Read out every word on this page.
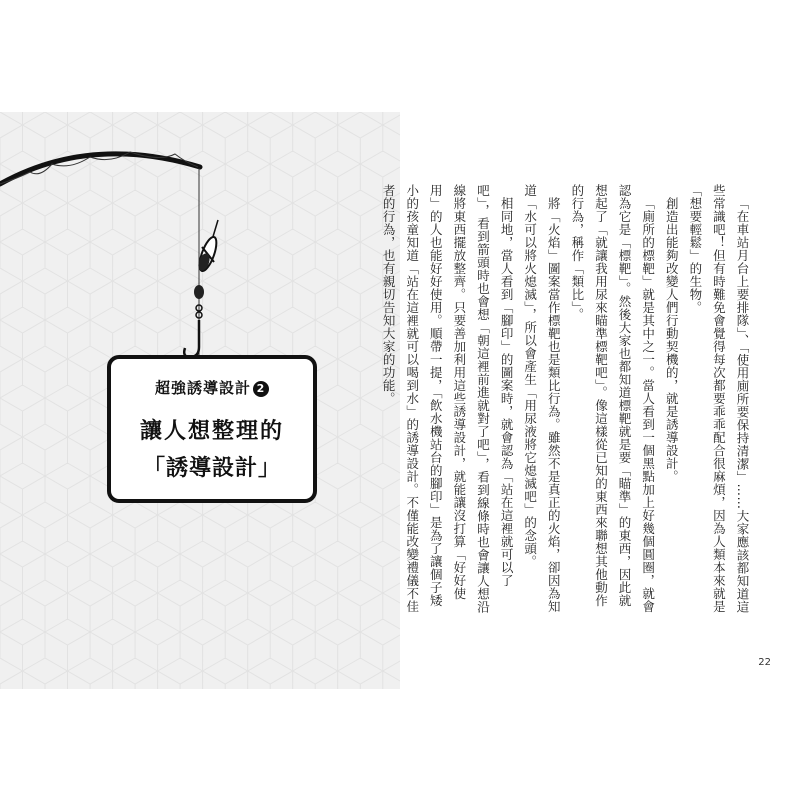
超強誘導設計 2
讓人想整理的
「誘導設計」	「在車站月台上要排隊」、「使用廁所要保持清潔」……大家應該都知道這些常識吧！但有時難免會覺得每次都要乖乖配合很麻煩，因為人類本來就是「想要輕鬆」的生物。

創造出能夠改變人們行動契機的，就是誘導設計。

「廁所的標靶」就是其中之一。當人看到一個黑點加上好幾個圓圈，就會認為它是「標靶」。然後大家也都知道標靶就是要「瞄準」的東西，因此就想起了「就讓我用尿來瞄準標靶吧」。像這樣從已知的東西來聯想其他動作的行為，稱作「類比」。

將「火焰」圖案當作標靶也是類比行為。雖然不是真正的火焰，卻因為知道「水可以將火熄滅」，所以會產生「用尿液將它熄滅吧」的念頭。

相同地，當人看到「腳印」的圖案時，就會認為「站在這裡就可以了吧」，看到箭頭時也會想「朝這裡前進就對了吧」，看到線條時也會讓人想沿線將東西擺放整齊。只要善加利用這些誘導設計，就能讓沒打算「好好使用」的人也能好好使用。順帶一提，「飲水機站台的腳印」是為了讓個子矮小的孩童知道「站在這裡就可以喝到水」的誘導設計。不僅能改變禮儀不佳者的行為，也有親切告知大家的功能。

22
